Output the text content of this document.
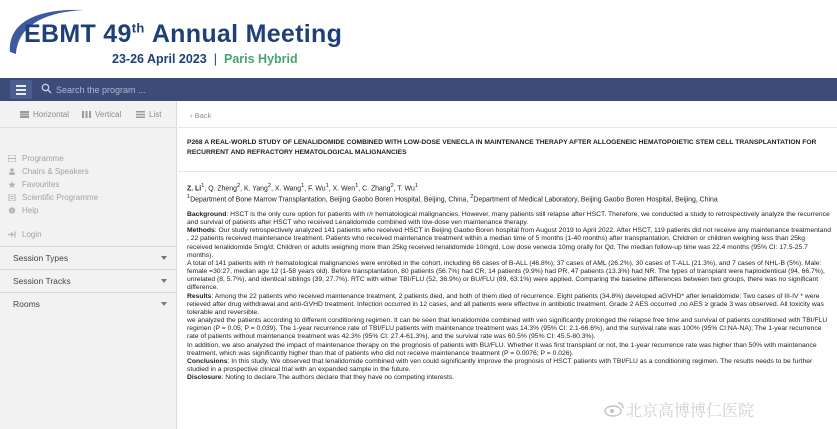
EBMT 49th Annual Meeting
23-26 April 2023 | Paris Hybrid
Search the program ...
Horizontal	Vertical	List
Programme
Chairs & Speakers
Favourites
Scientific Programme
? Help
Login
Session Types
Session Tracks
Rooms
‹ Back
P268 A REAL-WORLD STUDY OF LENALIDOMIDE COMBINED WITH LOW-DOSE VENECLA IN MAINTENANCE THERAPY AFTER ALLOGENEIC HEMATOPOIETIC STEM CELL TRANSPLANTATION FOR RECURRENT AND REFRACTORY HEMATOLOGICAL MALIGNANCIES
Z. Li$^1$, Q. Zheng$^2$, K. Yang$^2$, X. Wang$^1$, F. Wu$^1$, X. Wen$^1$, C. Zhang$^2$, T. Wu$^1$
$^1$Department of Bone Marrow Transplantation, Beijing Gaobo Boren Hospital, Beijing, China, $^2$Department of Medical Laboratory, Beijing Gaobo Boren Hospital, Beijing, China

Background: HSCT is the only cure option for patients with r/r hematological malignancies. However, many patients still relapse after HSCT. Therefore, we conducted a study to retrospectively analyze the recurrence and survival of patients after HSCT who received Lenalidomide combined with low-dose ven maintenance therapy.

Methods: Our study retrospectively analyzed 141 patients who received HSCT in Beijing Gaobo Boren hospital from August 2019 to April 2022. After HSCT, 119 patients did not receive any maintenance treatmentand , 22 patients received maintenance treatment. Patients who received maintenance treatment within a median time of 5 months (1-40 months) after transplantation. Children or children weighing less than 25kg received lenalidomide 5mg/d; Children or adults weighing more than 25kg received lenalidomide 10mg/d. Low dose venecla 10mg orally for Qd. The median follow-up time was 22.4 months (95% CI: 17.5-25.7 months).

A total of 141 patients with r/r hematological malignancies were enrolled in the cohort, including 66 cases of B-ALL (46.8%), 37 cases of AML (26.2%), 30 cases of T-ALL (21.3%), and 7 cases of NHL-B (5%). Male: female =30:27, median age 12 (1-58 years old). Before transplantation, 80 patients (56.7%) had CR, 14 patients (9.9%) had PR, 47 patients (13.3%) had NR. The types of transplant were haploidentical (94, 66.7%), unrelated (8, 5.7%), and identical siblings (39, 27.7%). RTC with either TBI/FLU (52, 36.9%) or BU/FLU (89, 63.1%) were applied. Comparing the baseline differences between two groups, there was no significant difference.

Results: Among the 22 patients who received maintenance treatment, 2 patients died, and both of them died of recurrence. Eight patients (34.8%) developed aGVHD* after lenalidomide; Two cases of III-IV * were relieved after drug withdrawal and anti-GVHD treatment. Infection occurred in 12 cases, and all patients were effective in antibiotic treatment. Grade 2 AES occurred ,no AES ≥ grade 3 was observed. All toxicity was tolerable and reversible.

we analyzed the patients according to different conditioning regimen. It can be seen that lenalidomide combined with ven significantly prolonged the relapse free time and survival of patients conditioned with TBI/FLU regimen (P = 0.05; P = 0.039). The 1-year recurrence rate of TBI/FLU patients with maintenance treatment was 14.3% (95% CI: 2.1-66.6%), and the survival rate was 100% (95% CI:NA-NA); The 1-year recurrence rate of patients without maintenance treatment was 42.3% (95% CI: 27.4-61.3%), and the survival rate was 60.5% (95% CI: 45.5-80.3%).

In addition, we also analyzed the impact of maintenance therapy on the prognosis of patients with BU/FLU. Whether it was first transplant or not, the 1-year recurrence rate was higher than 50% with maintenance treatment, which was significantly higher than that of patients who did not receive maintenance treatment (P = 0.0076; P = 0.026).

Conclusions: In this study, We observed that lenalidomide combined with ven could significantly improve the prognosis of HSCT patients with TBI/FLU as a conditioning regimen. The results needs to be further studied in a prospective clinical trial with an expanded sample in the future.

Disclosure: Noting to declare.The authors declare that they have no competing interests.

北京高博博仁医院
